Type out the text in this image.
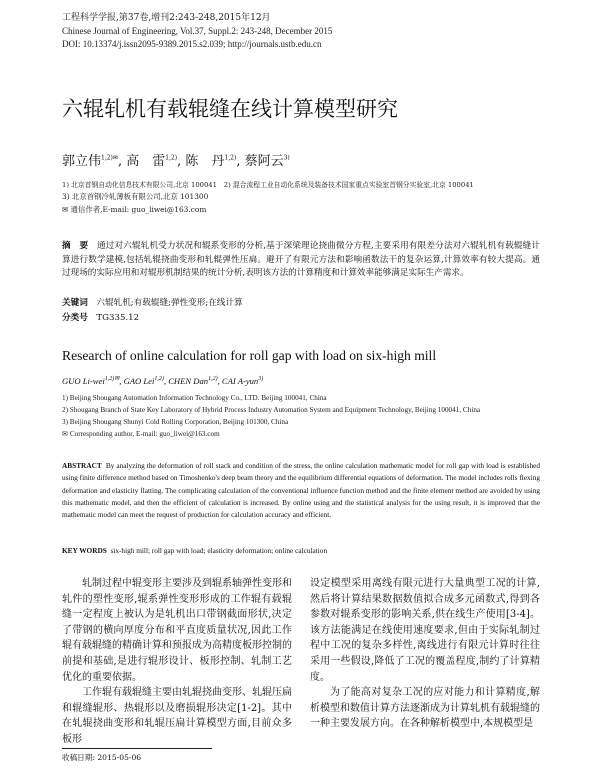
工程科学学报,第37卷,增刊2:243-248,2015年12月
Chinese Journal of Engineering, Vol.37, Suppl.2: 243-248, December 2015
DOI: 10.13374/j.issn2095-9389.2015.s2.039; http://journals.ustb.edu.cn
六辊轧机有载辊缝在线计算模型研究
郭立伟$^{1,2)✉}$, 高　雷$^{1,2)}$, 陈　丹$^{1,2)}$, 蔡阿云$^{3)}$
1) 北京首钢自动化信息技术有限公司,北京 100041　2) 混合流程工业自动化系统及装备技术国家重点实验室首钢分实验室,北京 100041
3) 北京首钢冷轧薄板有限公司,北京 101300
✉ 通信作者,E-mail: guo_liwei@163.com
摘　要　 通过对六辊轧机受力状况和辊系变形的分析,基于深梁理论挠曲微分方程,主要采用有限差分法对六辊轧机有载辊缝计算进行数学建模,包括轧辊挠曲变形和轧辊弹性压扁。避开了有限元方法和影响函数法干的复杂运算,计算效率有较大提高。通过现场的实际应用和对辊形机制结果的统计分析,表明该方法的计算精度和计算效率能够满足实际生产需求。
关键词　 六辊轧机;有载辊缝;弹性变形;在线计算
分类号　 TG335.12
Research of online calculation for roll gap with load on six-high mill
GUO Li-wei$^{1,2)✉}$, GAO Lei$^{1,2)}$, CHEN Dan$^{1,2)}$, CAI A-yun$^{3)}$
1) Beijing Shougang Automation Information Technology Co., LTD. Beijing 100041, China
2) Shougang Branch of State Key Laboratory of Hybrid Process Industry Automation System and Equipment Technology, Beijing 100041, China
3) Beijing Shougang Shunyi Cold Rolling Corporation, Beijing 101300, China
✉ Corresponding author, E-mail: guo_liwei@163.com
ABSTRACT By analyzing the deformation of roll stack and condition of the stress, the online calculation mathematic model for roll gap with load is established using finite difference method based on Timoshenko's deep beam theory and the equilibrium differential equations of deformation. The model includes rolls flexing deformation and elasticity flatting. The complicating calculation of the conventional influence function method and the finite element method are avoided by using this mathematic model, and then the efficient of calculation is increased. By online using and the statistical analysis for the using result, it is improved that the mathematic model can meet the request of production for calculation accuracy and efficient.
KEY WORDS six-high mill; roll gap with load; elasticity deformation; online calculation
轧制过程中辊变形主要涉及到辊系轴弹性变形和轧件的塑性变形,辊系弹性变形形成的工作辊有载辊缝一定程度上被认为是轧机出口带钢截面形状,决定了带钢的横向厚度分布和平直度质量状况,因此工作辊有载辊缝的精确计算和预报成为高精度板形控制的前提和基础,是进行辊形设计、板形控制、轧制工艺优化的重要依据。
工作辊有载辊缝主要由轧辊挠曲变形、轧辊压扁和辊缝辊形、热辊形以及磨损辊形决定[1-2]。其中在轧辊挠曲变形和轧辊压扁计算模型方面,目前众多板形
设定模型采用离线有限元进行大量典型工况的计算,然后将计算结果数据数值拟合成多元函数式,得到各参数对辊系变形的影响关系,供在线生产使用[3-4]。该方法能满足在线使用速度要求,但由于实际轧制过程中工况的复杂多样性,离线进行有限元计算时往往采用一些假设,降低了工况的覆盖程度,制约了计算精度。
为了能高对复杂工况的应对能力和计算精度,解析模型和数值计算方法逐渐成为计算轧机有载辊缝的一种主要发展方向。在各种解析模型中,本规模型是
收稿日期: 2015-05-06
